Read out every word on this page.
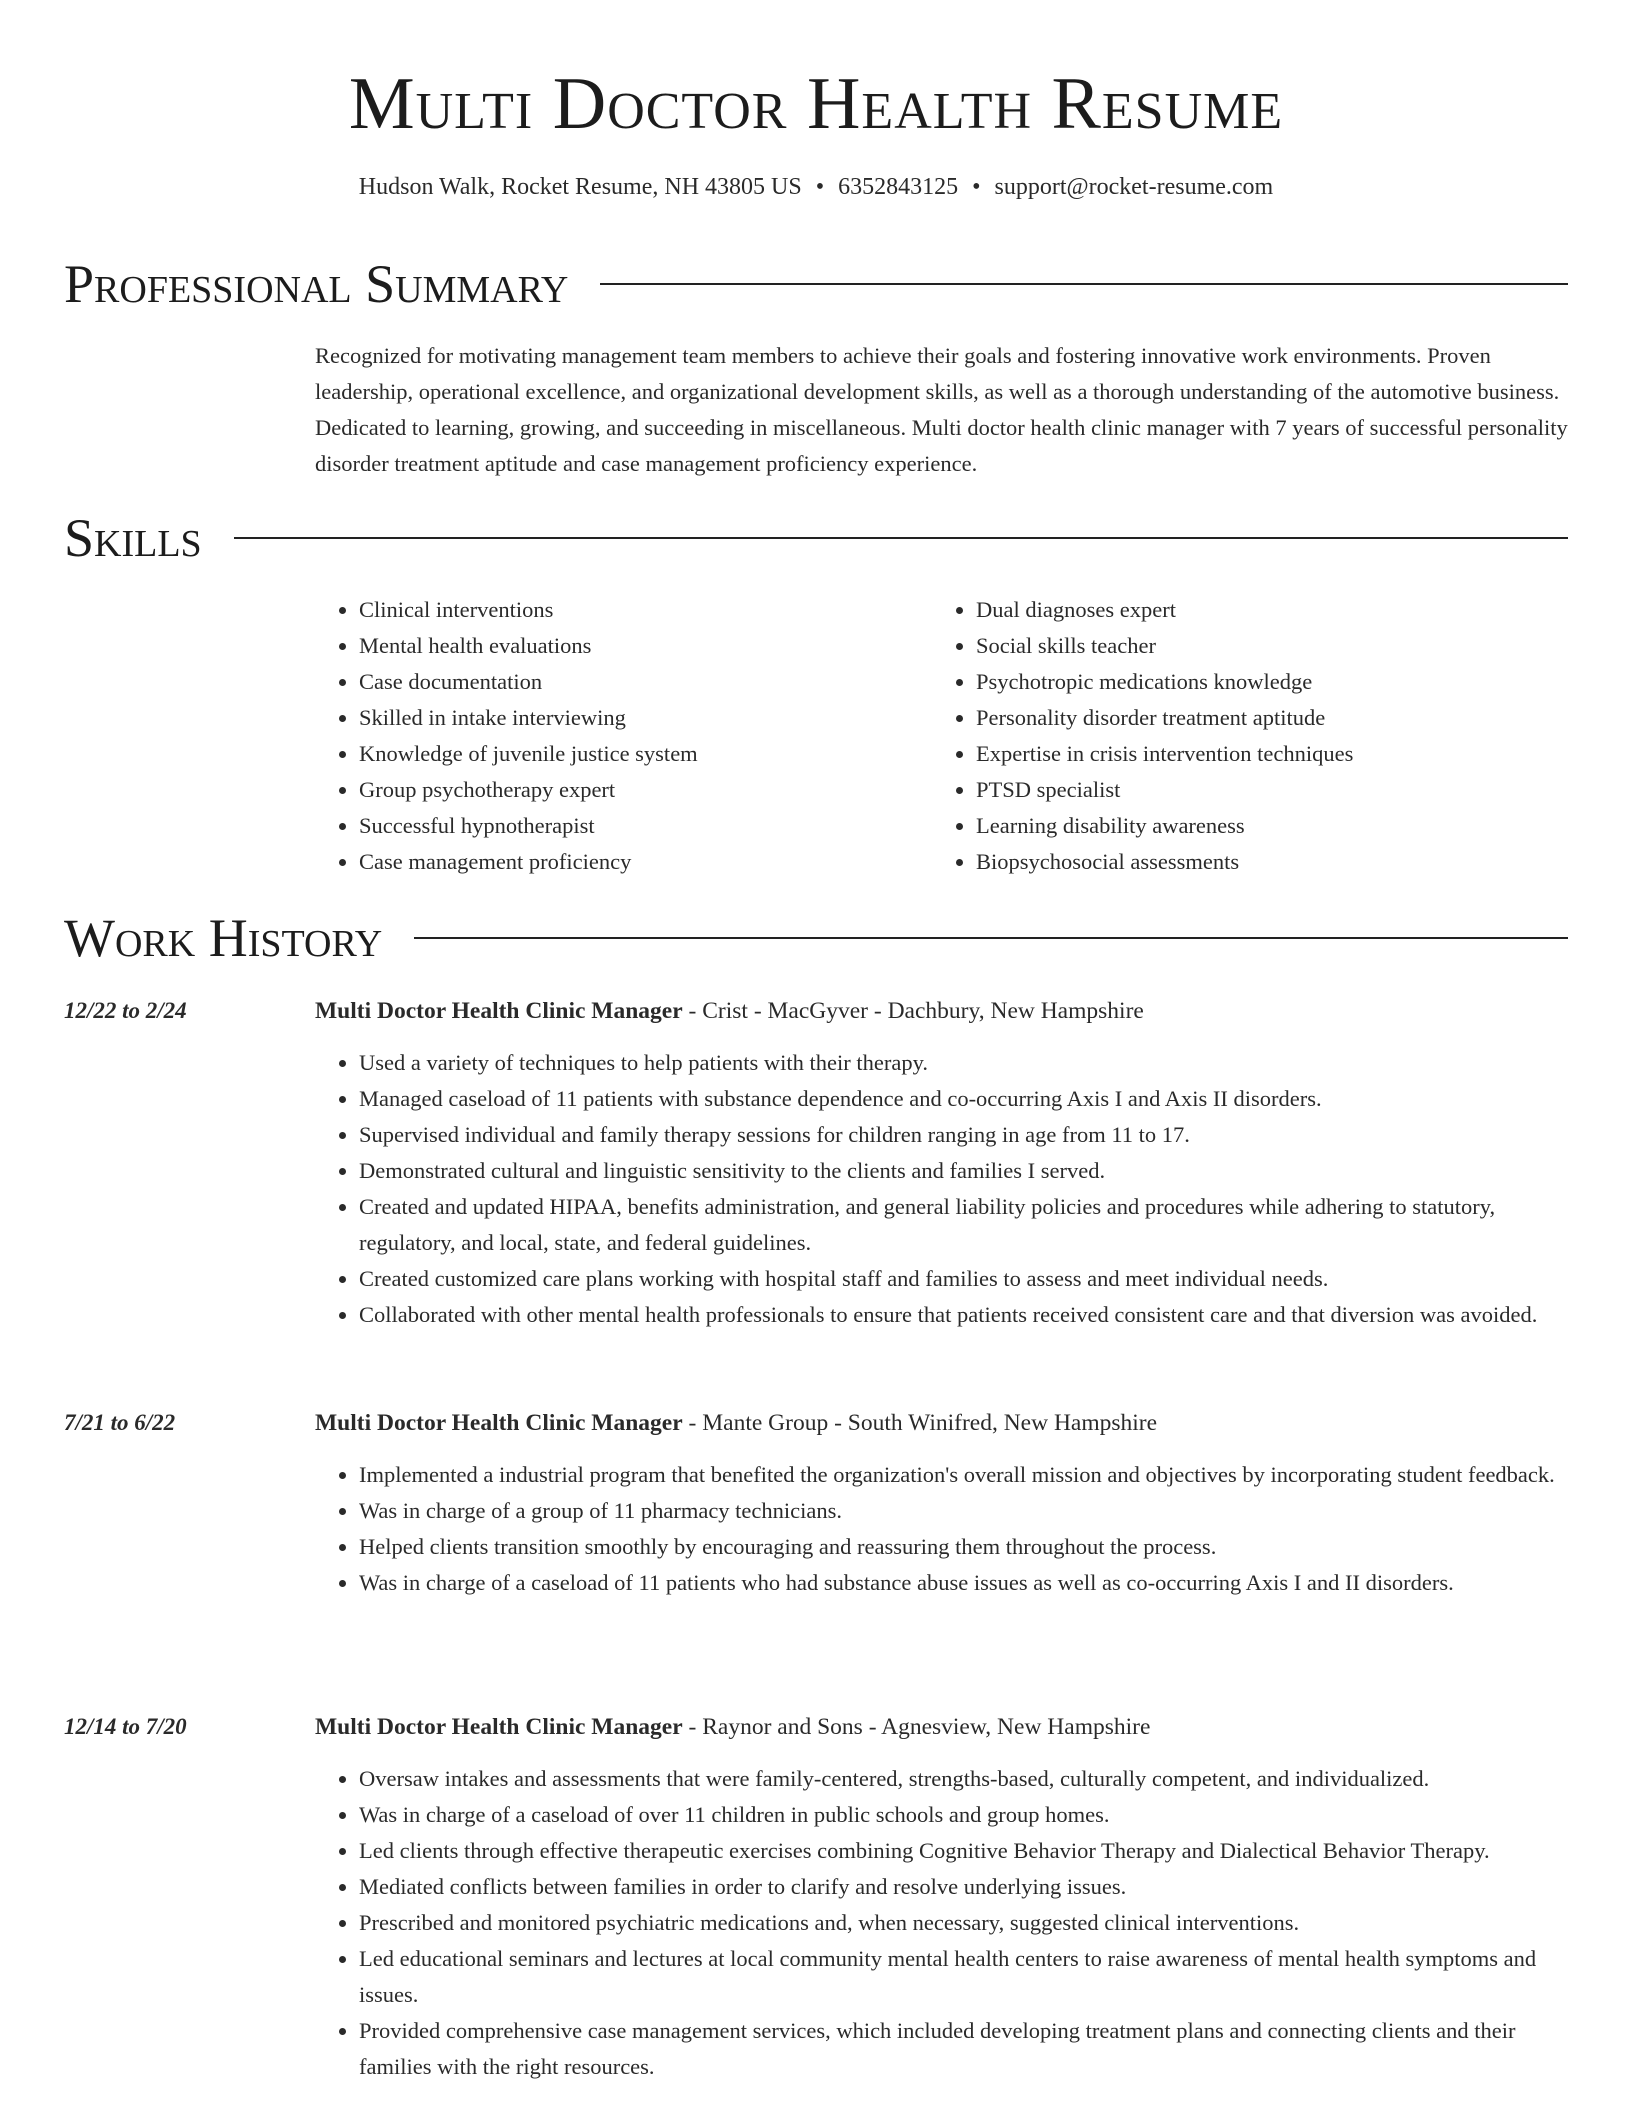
Multi Doctor Health Resume
Hudson Walk, Rocket Resume, NH 43805 US • 6352843125 • support@rocket-resume.com
Professional Summary

Recognized for motivating management team members to achieve their goals and fostering innovative work environments. Proven leadership, operational excellence, and organizational development skills, as well as a thorough understanding of the automotive business. Dedicated to learning, growing, and succeeding in miscellaneous. Multi doctor health clinic manager with 7 years of successful personality disorder treatment aptitude and case management proficiency experience.

Skills
• Clinical interventions
• Mental health evaluations
• Case documentation
• Skilled in intake interviewing
• Knowledge of juvenile justice system
• Group psychotherapy expert
• Successful hypnotherapist
• Case management proficiency
• Dual diagnoses expert
• Social skills teacher
• Psychotropic medications knowledge
• Personality disorder treatment aptitude
• Expertise in crisis intervention techniques
• PTSD specialist
• Learning disability awareness
• Biopsychosocial assessments
Work History
12/22 to 2/24	Multi Doctor Health Clinic Manager - Crist - MacGyver - Dachbury, New Hampshire
• Used a variety of techniques to help patients with their therapy.
• Managed caseload of 11 patients with substance dependence and co-occurring Axis I and Axis II disorders.
• Supervised individual and family therapy sessions for children ranging in age from 11 to 17.
• Demonstrated cultural and linguistic sensitivity to the clients and families I served.
• Created and updated HIPAA, benefits administration, and general liability policies and procedures while adhering to statutory, regulatory, and local, state, and federal guidelines.
• Created customized care plans working with hospital staff and families to assess and meet individual needs.
• Collaborated with other mental health professionals to ensure that patients received consistent care and that diversion was avoided.
7/21 to 6/22	Multi Doctor Health Clinic Manager - Mante Group - South Winifred, New Hampshire
• Implemented a industrial program that benefited the organization's overall mission and objectives by incorporating student feedback.
• Was in charge of a group of 11 pharmacy technicians.
• Helped clients transition smoothly by encouraging and reassuring them throughout the process.
• Was in charge of a caseload of 11 patients who had substance abuse issues as well as co-occurring Axis I and II disorders.
12/14 to 7/20	Multi Doctor Health Clinic Manager - Raynor and Sons - Agnesview, New Hampshire
• Oversaw intakes and assessments that were family-centered, strengths-based, culturally competent, and individualized.
• Was in charge of a caseload of over 11 children in public schools and group homes.
• Led clients through effective therapeutic exercises combining Cognitive Behavior Therapy and Dialectical Behavior Therapy.
• Mediated conflicts between families in order to clarify and resolve underlying issues.
• Prescribed and monitored psychiatric medications and, when necessary, suggested clinical interventions.
• Led educational seminars and lectures at local community mental health centers to raise awareness of mental health symptoms and issues.
• Provided comprehensive case management services, which included developing treatment plans and connecting clients and their families with the right resources.
